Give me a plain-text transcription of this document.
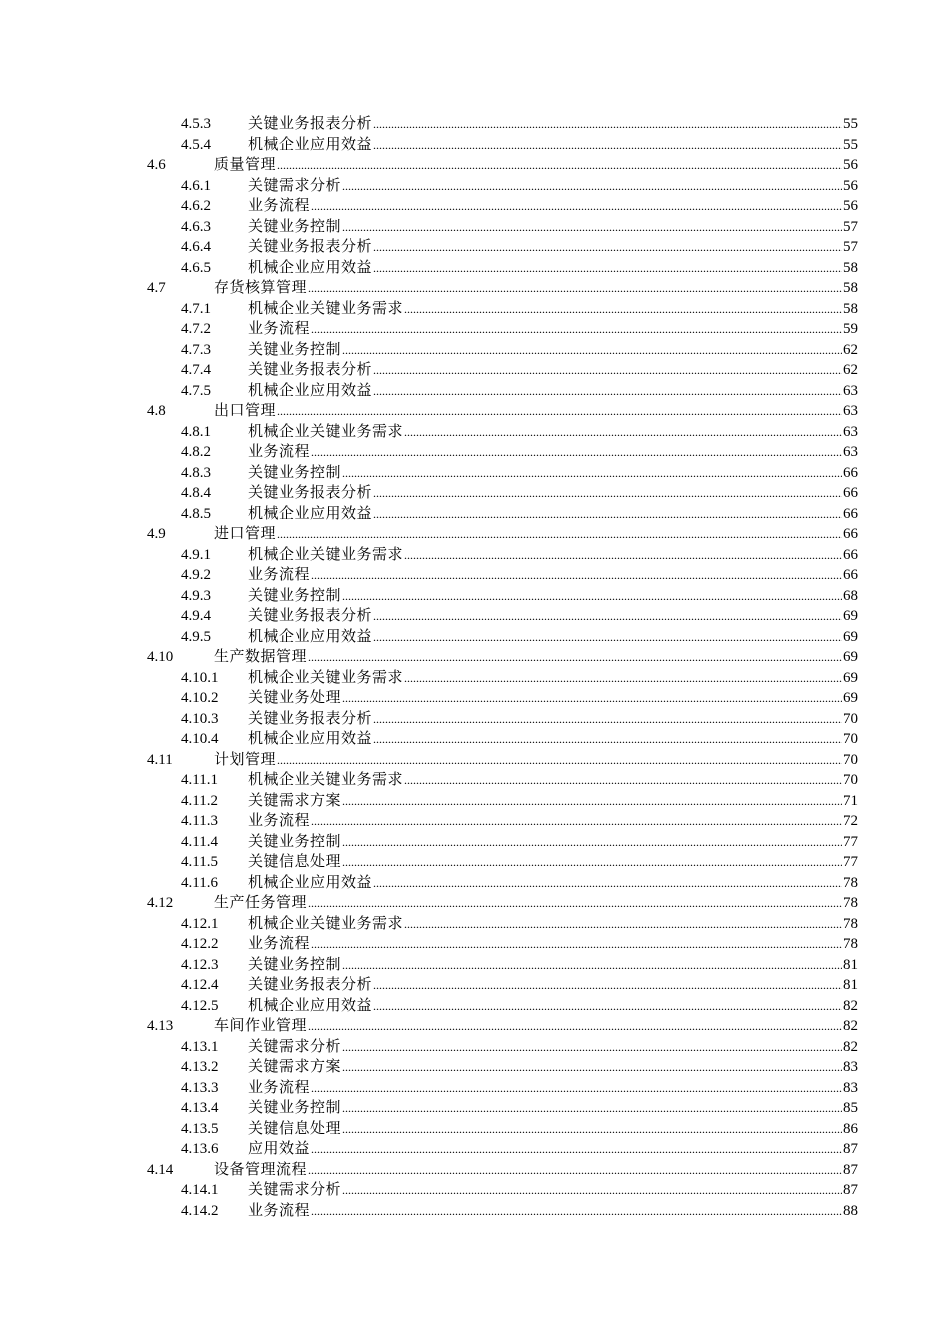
4.5.3 关键业务报表分析 .....	55
4.5.4 机械企业应用效益 .....	55
4.6	质量管理 .....	56
4.6.1 关键需求分析 .....	56
4.6.2 业务流程 .....	56
4.6.3 关键业务控制 .....	57
4.6.4 关键业务报表分析 .....	57
4.6.5 机械企业应用效益 .....	58
4.7	存货核算管理 .....	58
4.7.1 机械企业关键业务需求 .....	58
4.7.2 业务流程 .....	59
4.7.3 关键业务控制 .....	62
4.7.4 关键业务报表分析 .....	62
4.7.5 机械企业应用效益 .....	63
4.8	出口管理 .....	63
4.8.1 机械企业关键业务需求 .....	63
4.8.2 业务流程 .....	63
4.8.3 关键业务控制 .....	66
4.8.4 关键业务报表分析 .....	66
4.8.5 机械企业应用效益 .....	66
4.9	进口管理 .....	66
4.9.1 机械企业关键业务需求 .....	66
4.9.2 业务流程 .....	66
4.9.3 关键业务控制 .....	68
4.9.4 关键业务报表分析 .....	69
4.9.5 机械企业应用效益 .....	69
4.10	生产数据管理 .....	69
4.10.1 机械企业关键业务需求 .....	69
4.10.2 关键业务处理 .....	69
4.10.3 关键业务报表分析 .....	70
4.10.4 机械企业应用效益 .....	70
4.11	计划管理 .....	70
4.11.1 机械企业关键业务需求 .....	70
4.11.2 关键需求方案 .....	71
4.11.3 业务流程 .....	72
4.11.4 关键业务控制 .....	77
4.11.5 关键信息处理 .....	77
4.11.6 机械企业应用效益 .....	78
4.12	生产任务管理 .....	78
4.12.1 机械企业关键业务需求 .....	78
4.12.2 业务流程 .....	78
4.12.3 关键业务控制 .....	81
4.12.4 关键业务报表分析 .....	81
4.12.5 机械企业应用效益 .....	82
4.13	车间作业管理 .....	82
4.13.1 关键需求分析 .....	82
4.13.2 关键需求方案 .....	83
4.13.3 业务流程 .....	83
4.13.4 关键业务控制 .....	85
4.13.5 关键信息处理 .....	86
4.13.6 应用效益 .....	87
4.14	设备管理流程 .....	87
4.14.1 关键需求分析 .....	87
4.14.2 业务流程 .....	88
